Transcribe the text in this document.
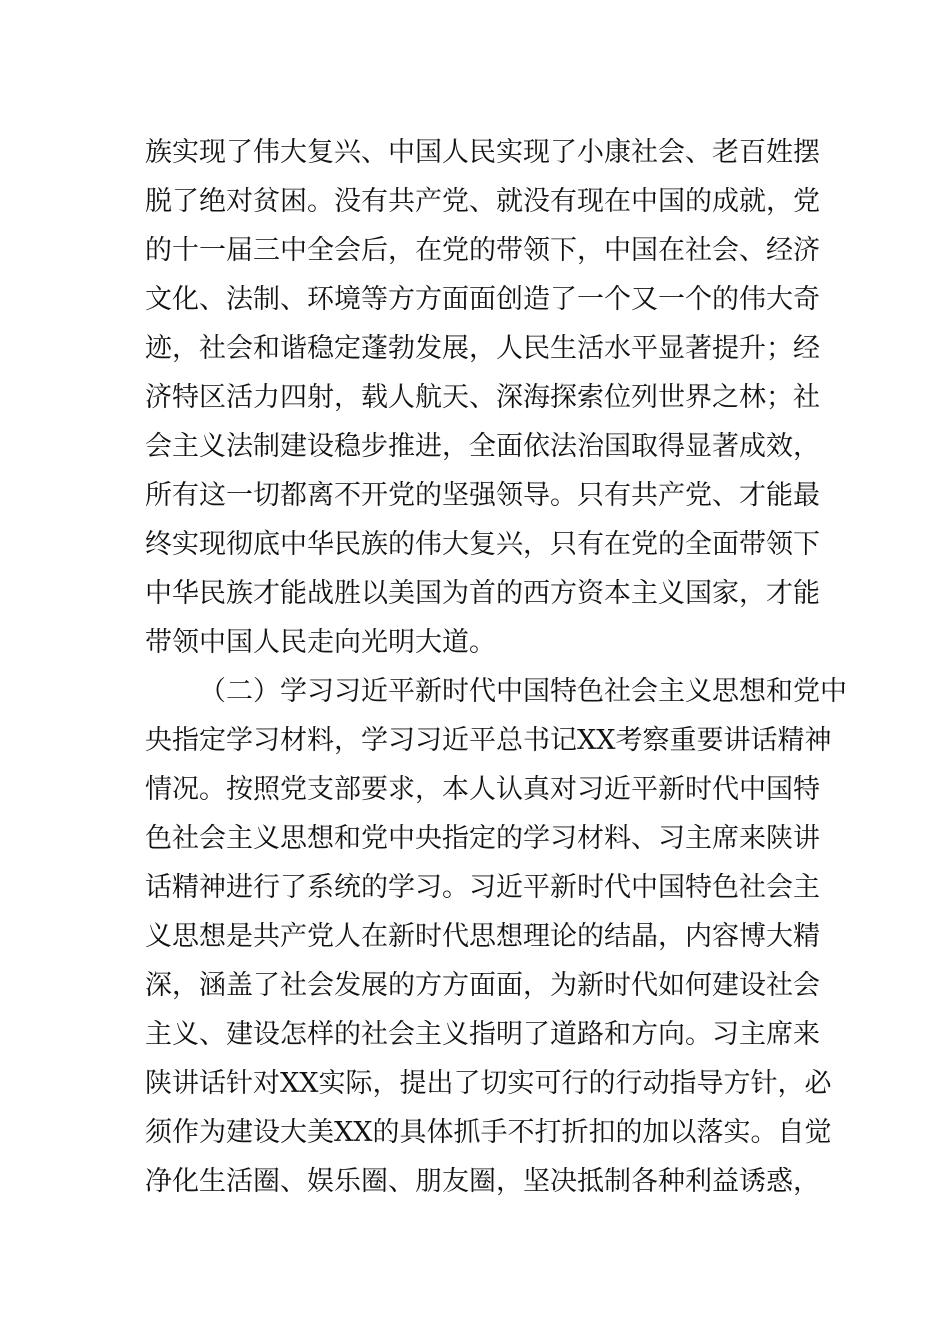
族实现了伟大复兴、中国人民实现了小康社会、老百姓摆
脱了绝对贫困。没有共产党、就没有现在中国的成就，党
的十一届三中全会后，在党的带领下，中国在社会、经济
文化、法制、环境等方方面面创造了一个又一个的伟大奇
迹，社会和谐稳定蓬勃发展，人民生活水平显著提升；经
济特区活力四射，载人航天、深海探索位列世界之林；社
会主义法制建设稳步推进，全面依法治国取得显著成效，
所有这一切都离不开党的坚强领导。只有共产党、才能最
终实现彻底中华民族的伟大复兴，只有在党的全面带领下
中华民族才能战胜以美国为首的西方资本主义国家，才能
带领中国人民走向光明大道。
（二）学习习近平新时代中国特色社会主义思想和党中
央指定学习材料，学习习近平总书记XX考察重要讲话精神
情况。按照党支部要求，本人认真对习近平新时代中国特
色社会主义思想和党中央指定的学习材料、习主席来陕讲
话精神进行了系统的学习。习近平新时代中国特色社会主
义思想是共产党人在新时代思想理论的结晶，内容博大精
深，涵盖了社会发展的方方面面，为新时代如何建设社会
主义、建设怎样的社会主义指明了道路和方向。习主席来
陕讲话针对XX实际，提出了切实可行的行动指导方针，必
须作为建设大美XX的具体抓手不打折扣的加以落实。自觉
净化生活圈、娱乐圈、朋友圈，坚决抵制各种利益诱惑，
